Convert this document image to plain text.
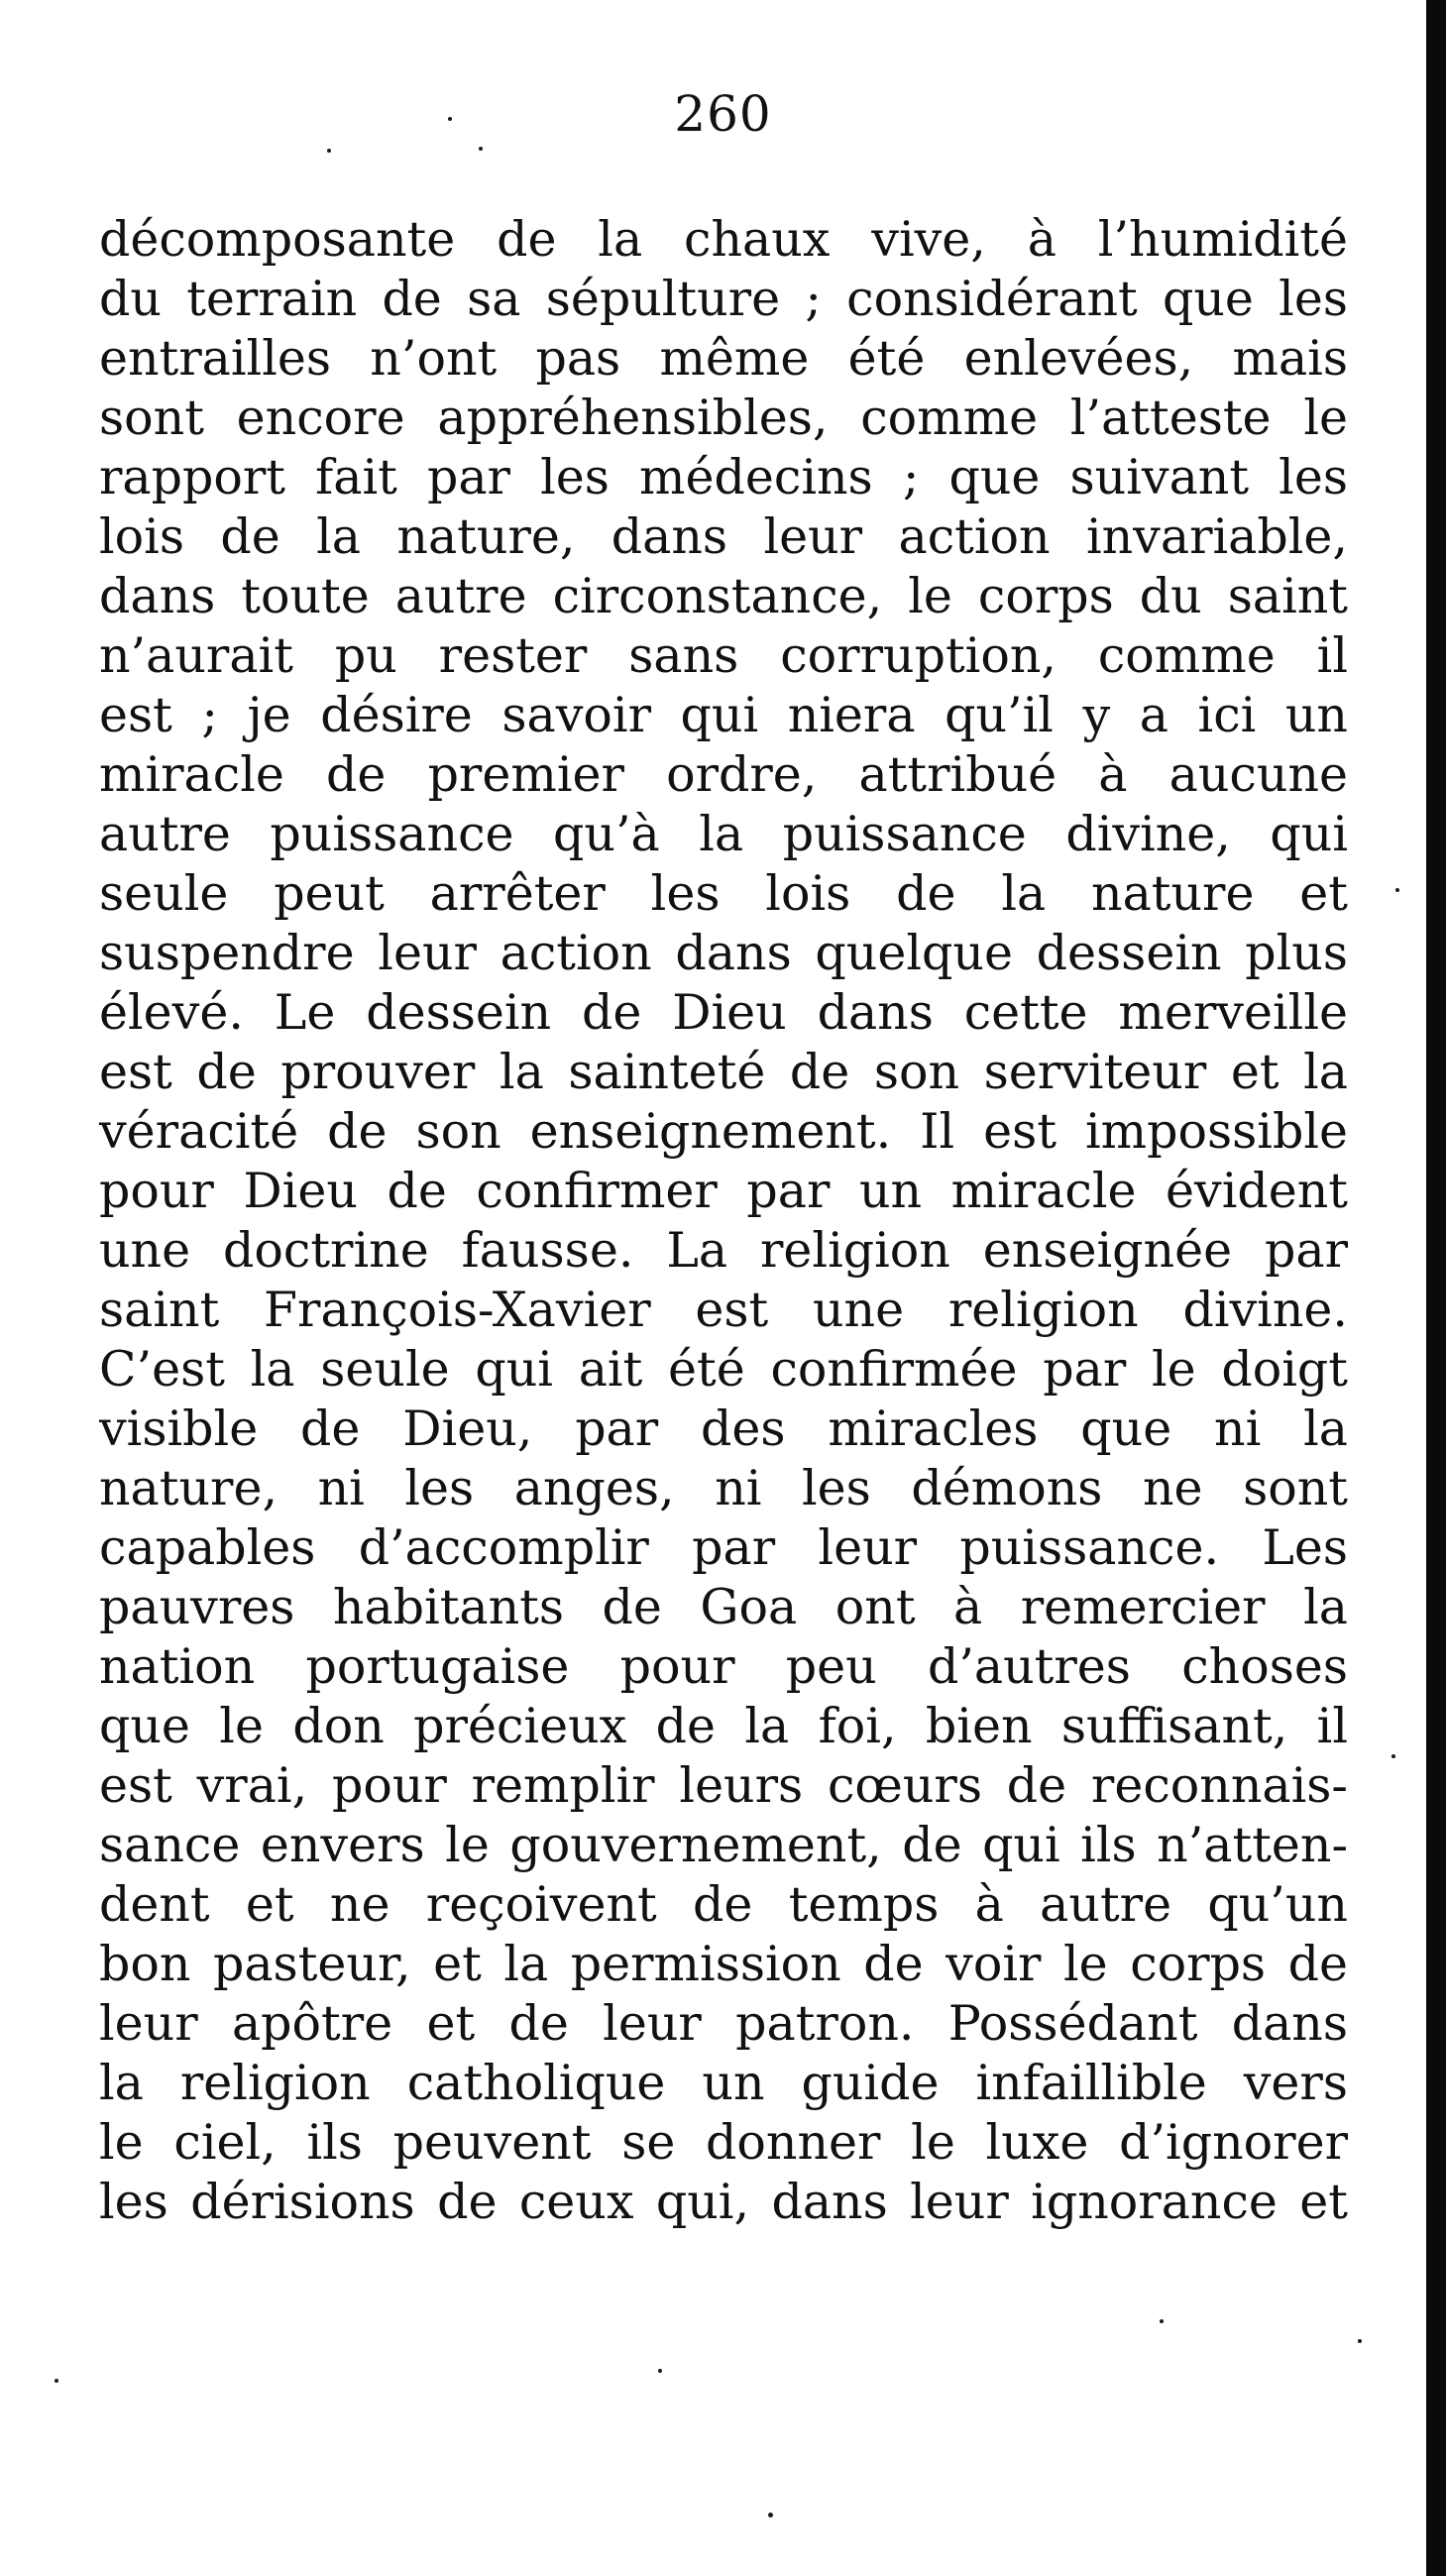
260
décomposante de la chaux vive, à l’humidité
du terrain de sa sépulture ; considérant que les
entrailles n’ont pas même été enlevées, mais
sont encore appréhensibles, comme l’atteste le
rapport fait par les médecins ; que suivant les
lois de la nature, dans leur action invariable,
dans toute autre circonstance, le corps du saint
n’aurait pu rester sans corruption, comme il
est ; je désire savoir qui niera qu’il y a ici un
miracle de premier ordre, attribué à aucune
autre puissance qu’à la puissance divine, qui
seule peut arrêter les lois de la nature et
suspendre leur action dans quelque dessein plus
élevé. Le dessein de Dieu dans cette merveille
est de prouver la sainteté de son serviteur et la
véracité de son enseignement. Il est impossible
pour Dieu de confirmer par un miracle évident
une doctrine fausse. La religion enseignée par
saint François-Xavier est une religion divine.
C’est la seule qui ait été confirmée par le doigt
visible de Dieu, par des miracles que ni la
nature, ni les anges, ni les démons ne sont
capables d’accomplir par leur puissance. Les
pauvres habitants de Goa ont à remercier la
nation portugaise pour peu d’autres choses
que le don précieux de la foi, bien suffisant, il
est vrai, pour remplir leurs cœurs de reconnais-
sance envers le gouvernement, de qui ils n’atten-
dent et ne reçoivent de temps à autre qu’un
bon pasteur, et la permission de voir le corps de
leur apôtre et de leur patron. Possédant dans
la religion catholique un guide infaillible vers
le ciel, ils peuvent se donner le luxe d’ignorer
les dérisions de ceux qui, dans leur ignorance et
